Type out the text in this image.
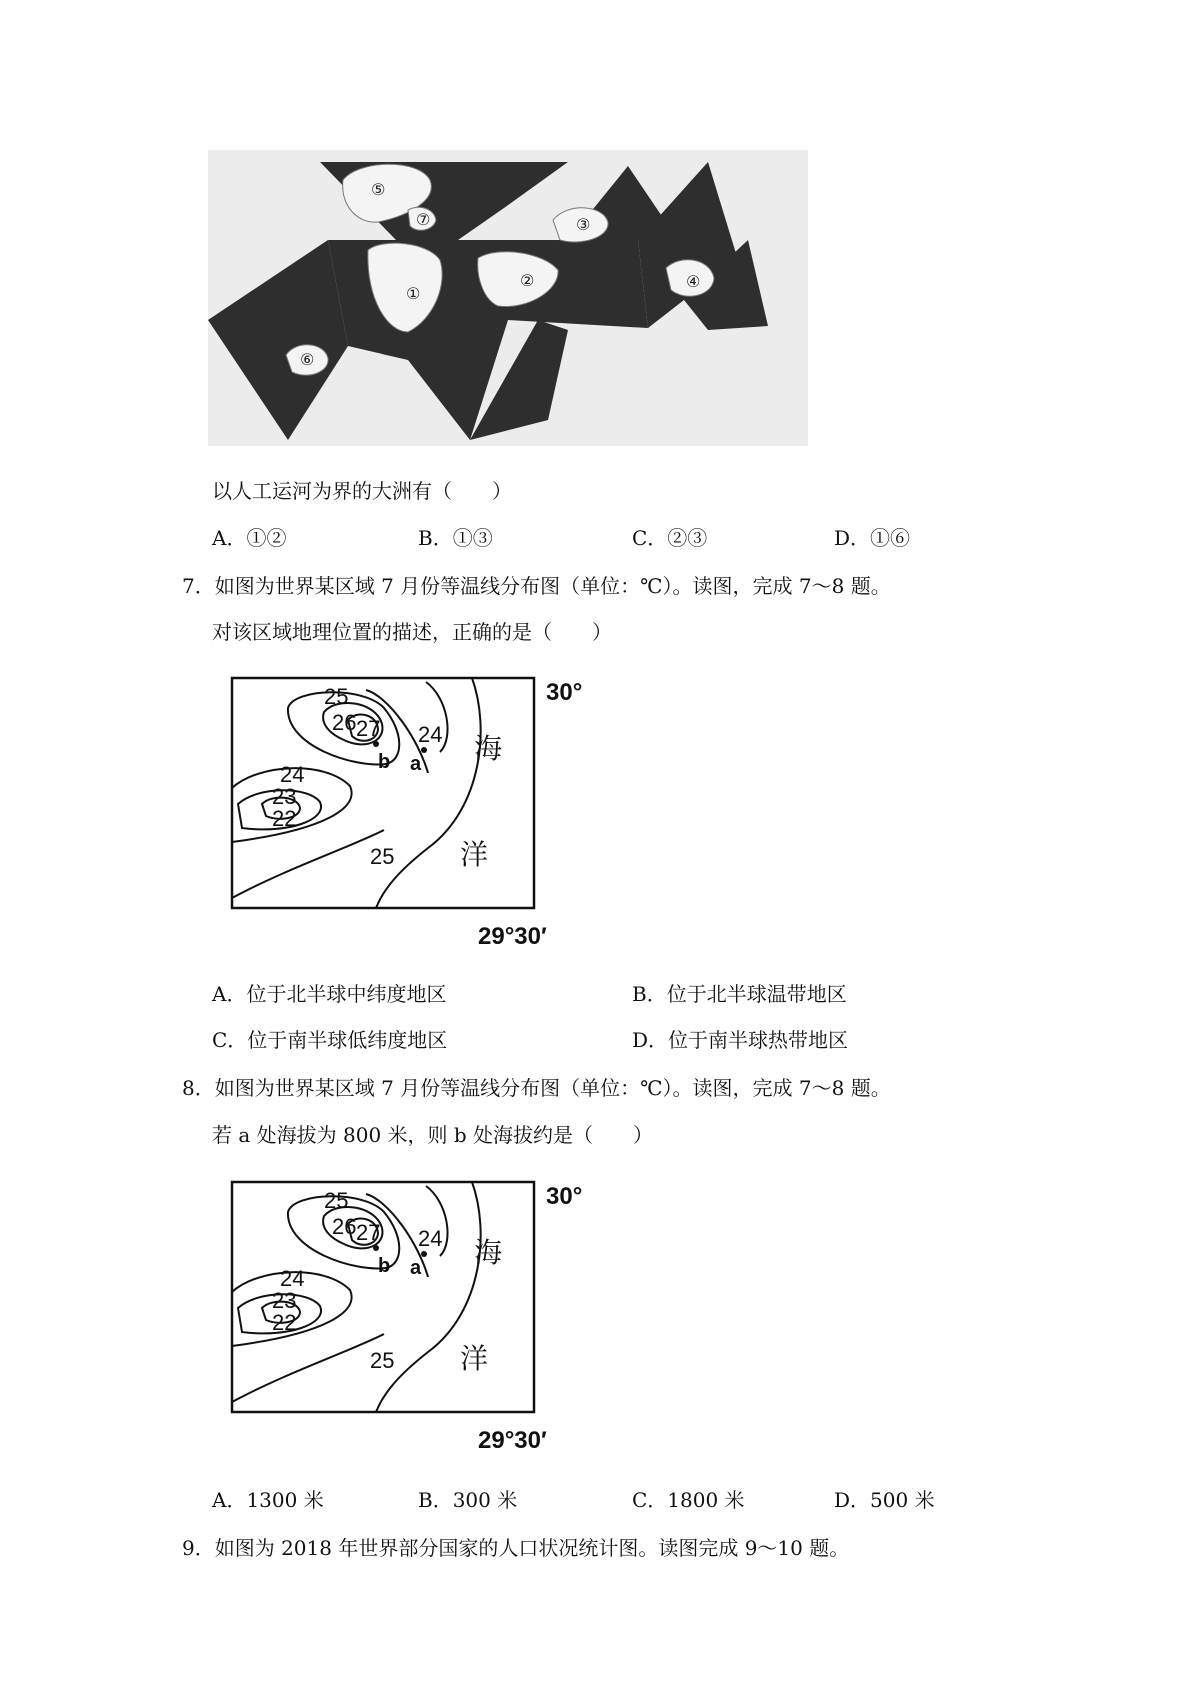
①
②
③
④
⑤
⑥
⑦
以人工运河为界的大洲有（　　）
A．①②	B．①③	C．②③	D．①⑥
7．如图为世界某区域 7 月份等温线分布图（单位：℃）。读图，完成 7～8 题。
对该区域地理位置的描述，正确的是（　　）
25
26 27 24
24
23
22
25
b a 海
洋
30°
29°30′
A．位于北半球中纬度地区	B．位于北半球温带地区
C．位于南半球低纬度地区	D．位于南半球热带地区
8．如图为世界某区域 7 月份等温线分布图（单位：℃）。读图，完成 7～8 题。
若 a 处海拔为 800 米，则 b 处海拔约是（　　）
25
26 27 24
24
23
22
25
b a 海
洋
30°
29°30′
A．1300 米	B．300 米	C．1800 米	D．500 米
9．如图为 2018 年世界部分国家的人口状况统计图。读图完成 9～10 题。
